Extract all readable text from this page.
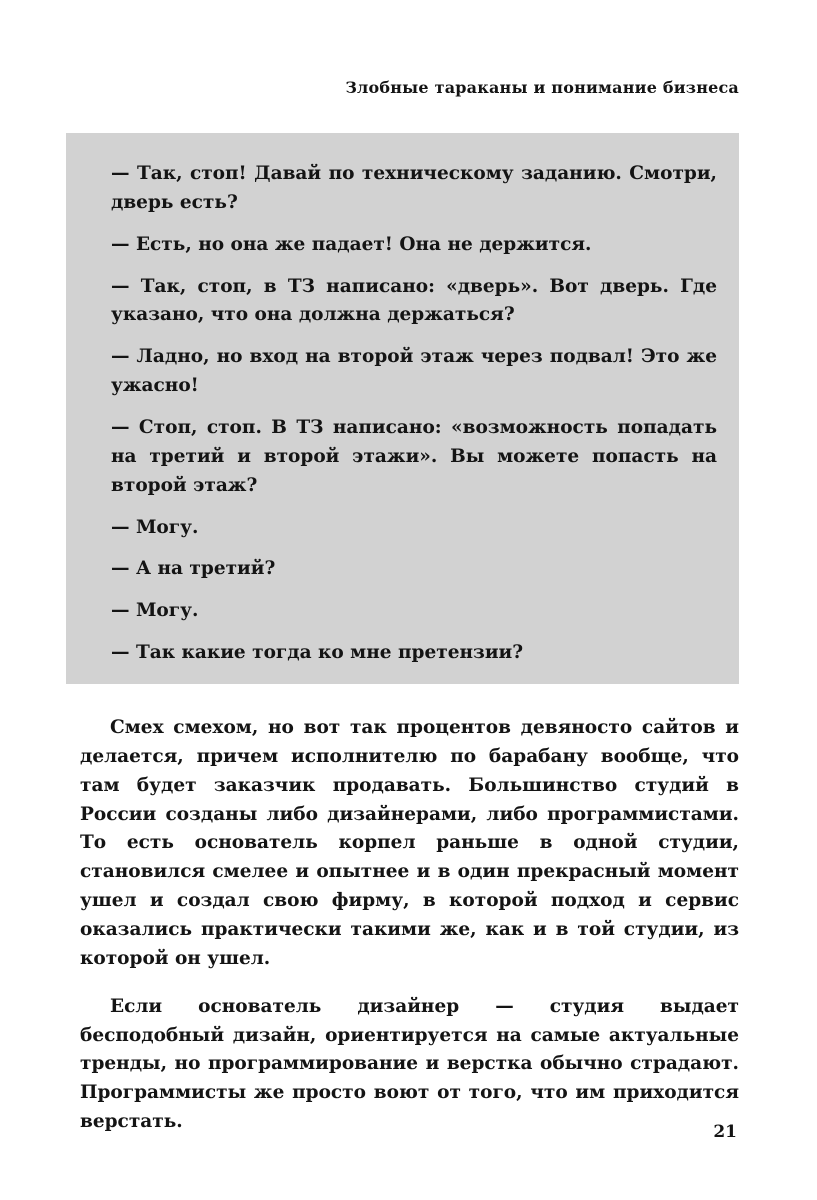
Злобные тараканы и понимание бизнеса

— Так, стоп! Давай по техническому заданию. Смотри, дверь есть?

— Есть, но она же падает! Она не держится.

— Так, стоп, в ТЗ написано: «дверь». Вот дверь. Где указано, что она должна держаться?

— Ладно, но вход на второй этаж через подвал! Это же ужасно!

— Стоп, стоп. В ТЗ написано: «возможность попадать на третий и второй этажи». Вы можете попасть на второй этаж?

— Могу.

— А на третий?

— Могу.

— Так какие тогда ко мне претензии?

Смех смехом, но вот так процентов девяносто сайтов и делается, причем исполнителю по барабану вообще, что там будет заказчик продавать. Большинство студий в России созданы либо дизайнерами, либо программистами. То есть основатель корпел раньше в одной студии, становился смелее и опытнее и в один прекрасный момент ушел и создал свою фирму, в которой подход и сервис оказались практически такими же, как и в той студии, из которой он ушел.

Если основатель дизайнер — студия выдает бесподобный дизайн, ориентируется на самые актуальные тренды, но программирование и верстка обычно страдают. Программисты же просто воют от того, что им приходится верстать.	21
